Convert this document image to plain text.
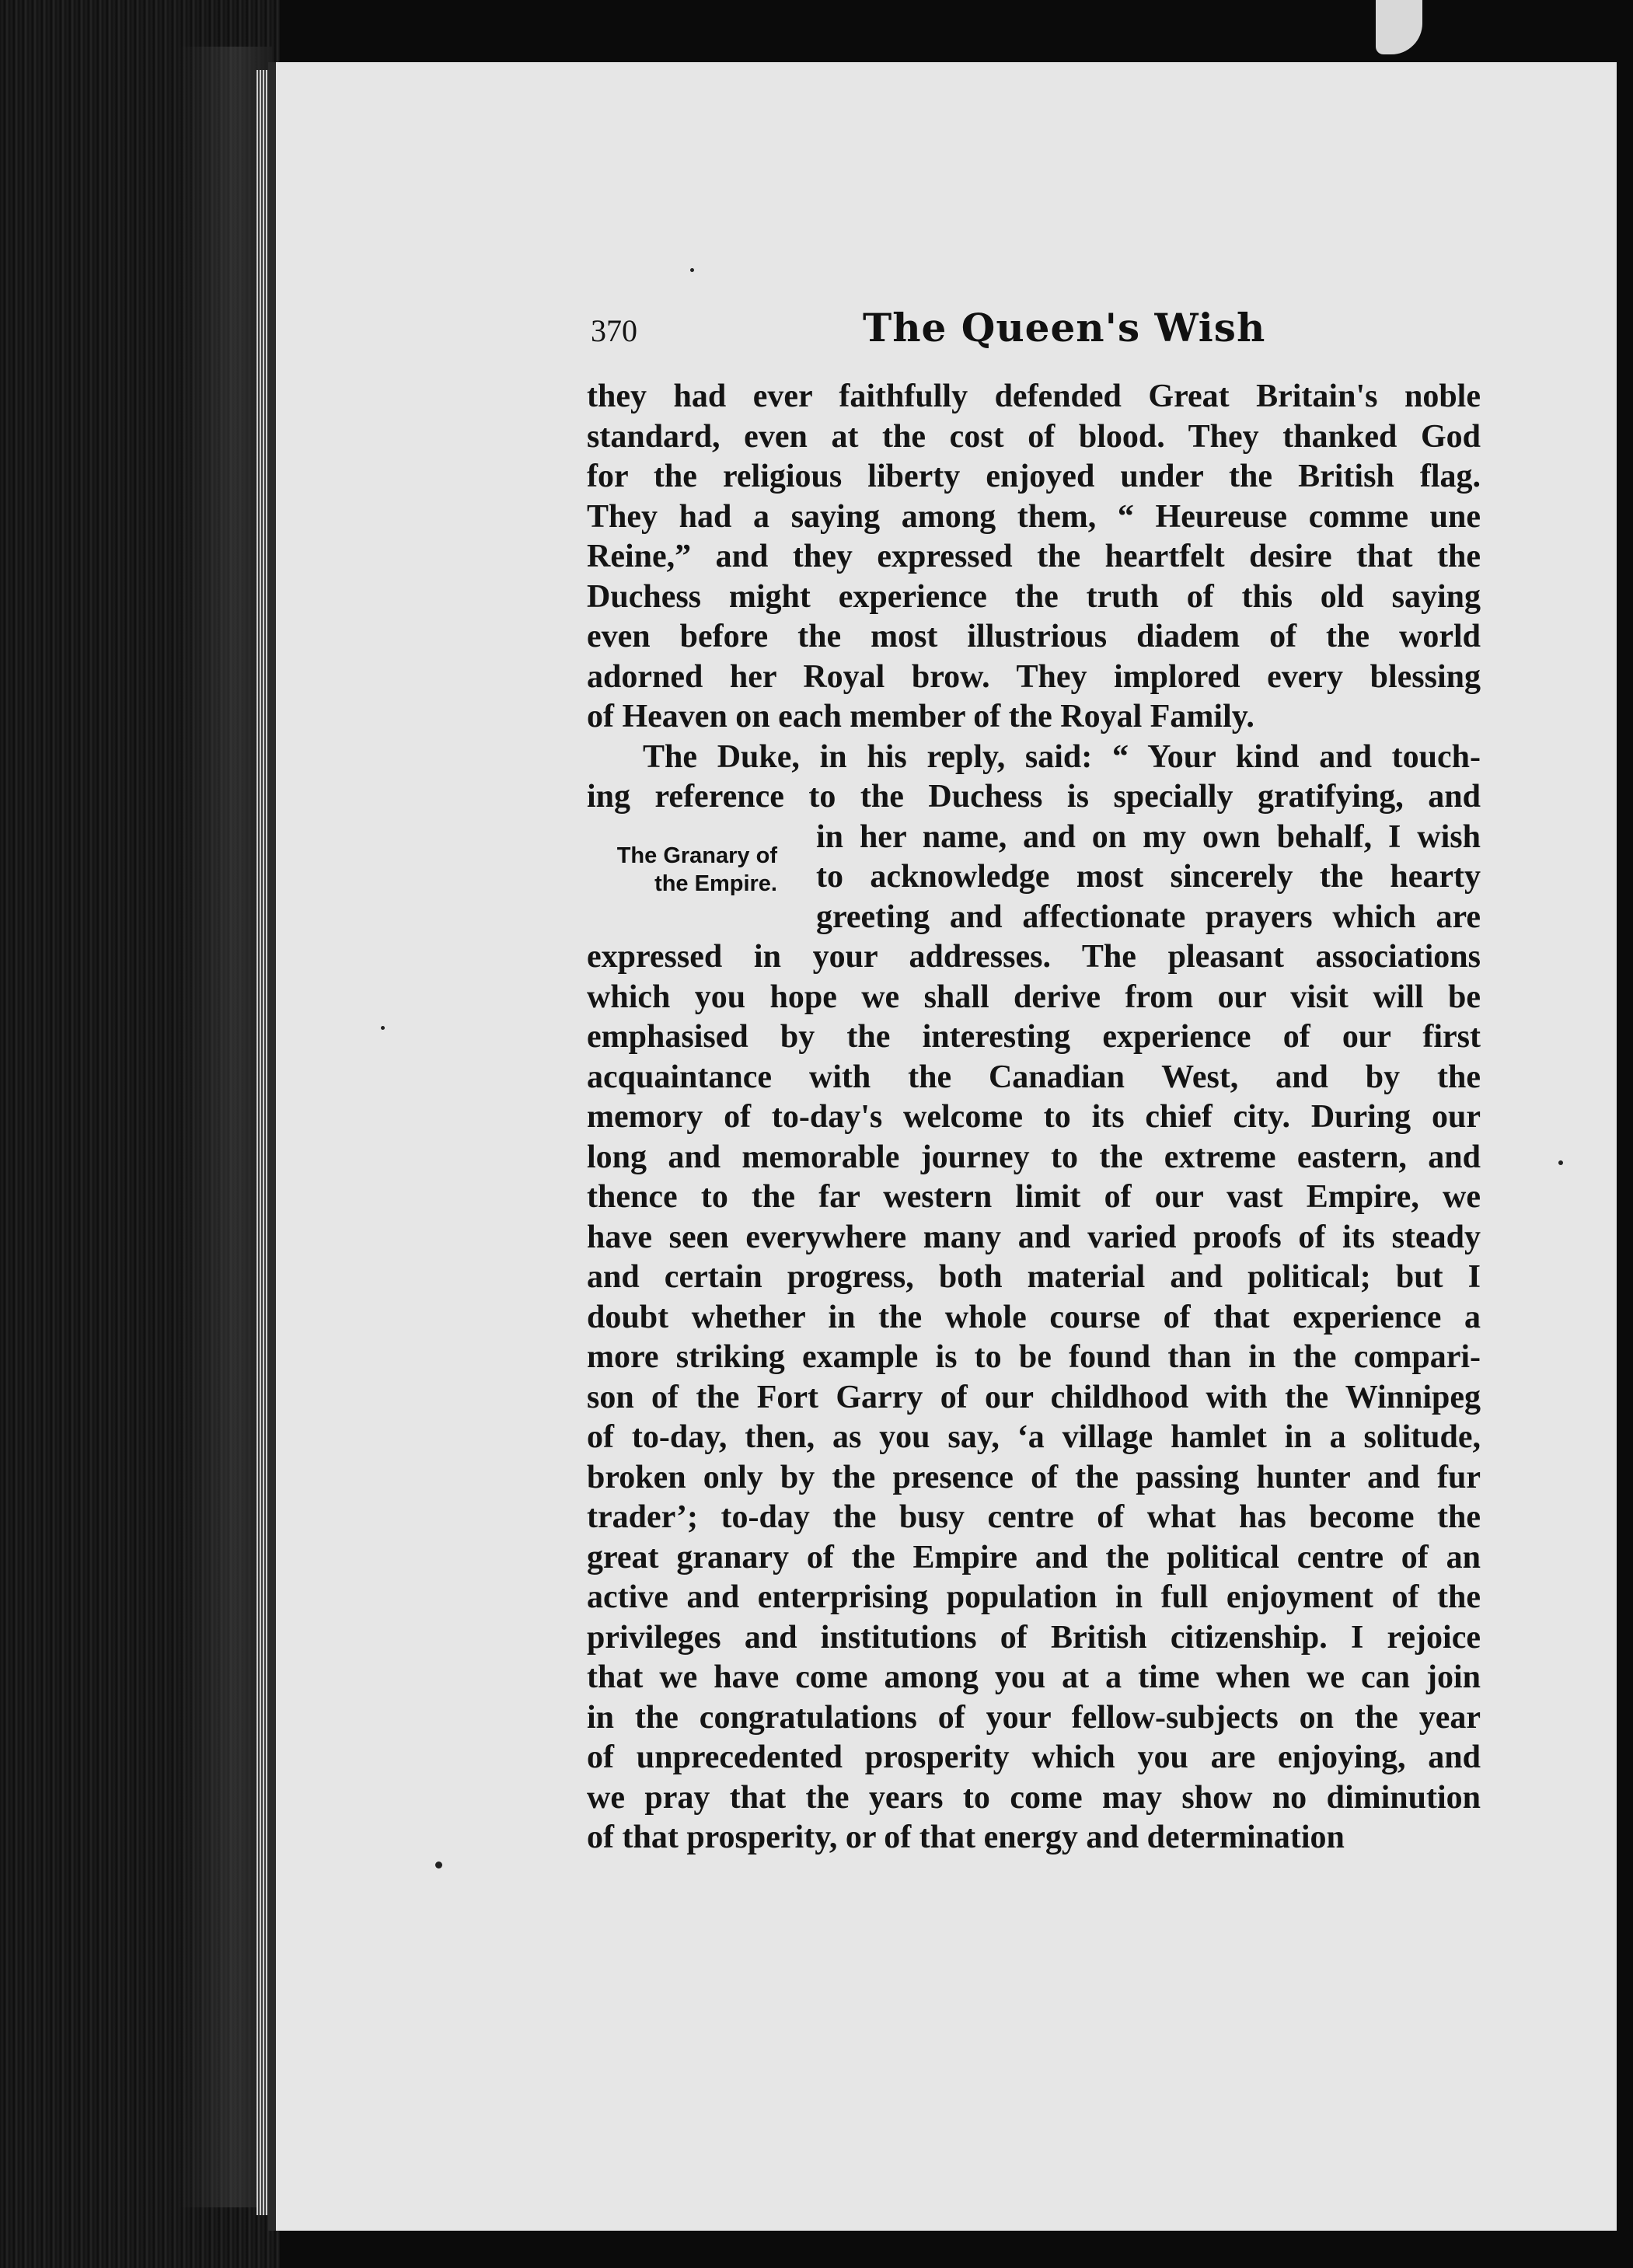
370	The Queen's Wish
The Granary of
the Empire.
they had ever faithfully defended Great Britain's noble
standard, even at the cost of blood. They thanked God
for the religious liberty enjoyed under the British flag.
They had a saying among them, “ Heureuse comme une
Reine,” and they expressed the heartfelt desire that the
Duchess might experience the truth of this old saying
even before the most illustrious diadem of the world
adorned her Royal brow. They implored every blessing
of Heaven on each member of the Royal Family.
The Duke, in his reply, said: “ Your kind and touch-
ing reference to the Duchess is specially gratifying, and
in her name, and on my own behalf, I wish
to acknowledge most sincerely the hearty
greeting and affectionate prayers which are
expressed in your addresses. The pleasant associations
which you hope we shall derive from our visit will be
emphasised by the interesting experience of our first
acquaintance with the Canadian West, and by the
memory of to-day's welcome to its chief city. During our
long and memorable journey to the extreme eastern, and
thence to the far western limit of our vast Empire, we
have seen everywhere many and varied proofs of its steady
and certain progress, both material and political; but I
doubt whether in the whole course of that experience a
more striking example is to be found than in the compari-
son of the Fort Garry of our childhood with the Winnipeg
of to-day, then, as you say, ‘a village hamlet in a solitude,
broken only by the presence of the passing hunter and fur
trader’; to-day the busy centre of what has become the
great granary of the Empire and the political centre of an
active and enterprising population in full enjoyment of the
privileges and institutions of British citizenship. I rejoice
that we have come among you at a time when we can join
in the congratulations of your fellow-subjects on the year
of unprecedented prosperity which you are enjoying, and
we pray that the years to come may show no diminution
of that prosperity, or of that energy and determination
